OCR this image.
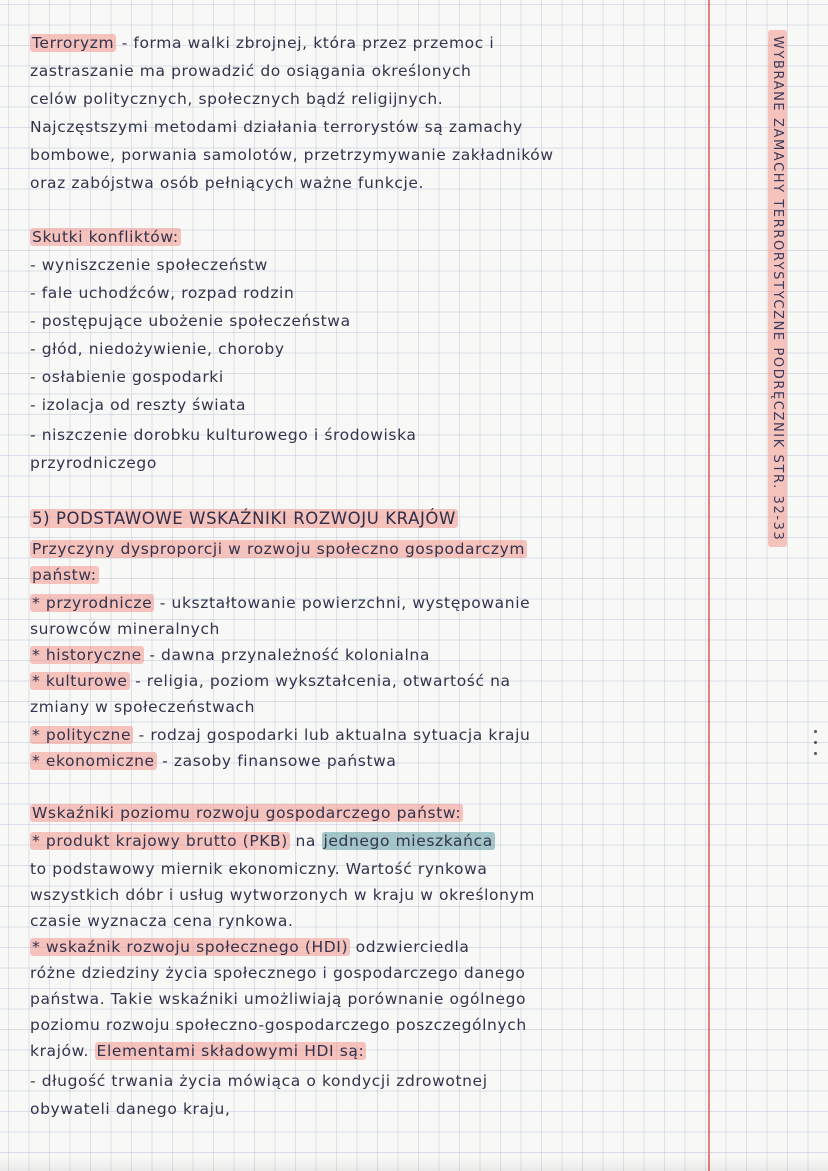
WYBRANE ZAMACHY TERRORYSTYCZNE PODRĘCZNIK STR. 32-33
Terroryzm - forma walki zbrojnej, która przez przemoc i
zastraszanie ma prowadzić do osiągania określonych
celów politycznych, społecznych bądź religijnych.
Najczęstszymi metodami działania terrorystów są zamachy
bombowe, porwania samolotów, przetrzymywanie zakładników
oraz zabójstwa osób pełniących ważne funkcje.
Skutki konfliktów:
- wyniszczenie społeczeństw
- fale uchodźców, rozpad rodzin
- postępujące ubożenie społeczeństwa
- głód, niedożywienie, choroby
- osłabienie gospodarki
- izolacja od reszty świata
- niszczenie dorobku kulturowego i środowiska
przyrodniczego
5) PODSTAWOWE WSKAŹNIKI ROZWOJU KRAJÓW
Przyczyny dysproporcji w rozwoju społeczno gospodarczym
państw:
* przyrodnicze - ukształtowanie powierzchni, występowanie
surowców mineralnych
* historyczne - dawna przynależność kolonialna
* kulturowe - religia, poziom wykształcenia, otwartość na
zmiany w społeczeństwach
* polityczne - rodzaj gospodarki lub aktualna sytuacja kraju
* ekonomiczne - zasoby finansowe państwa
Wskaźniki poziomu rozwoju gospodarczego państw:
* produkt krajowy brutto (PKB) na jednego mieszkańca
to podstawowy miernik ekonomiczny. Wartość rynkowa
wszystkich dóbr i usług wytworzonych w kraju w określonym
czasie wyznacza cena rynkowa.
* wskaźnik rozwoju społecznego (HDI) odzwierciedla
różne dziedziny życia społecznego i gospodarczego danego
państwa. Takie wskaźniki umożliwiają porównanie ogólnego
poziomu rozwoju społeczno-gospodarczego poszczególnych
krajów. Elementami składowymi HDI są:
- długość trwania życia mówiąca o kondycji zdrowotnej
obywateli danego kraju,
